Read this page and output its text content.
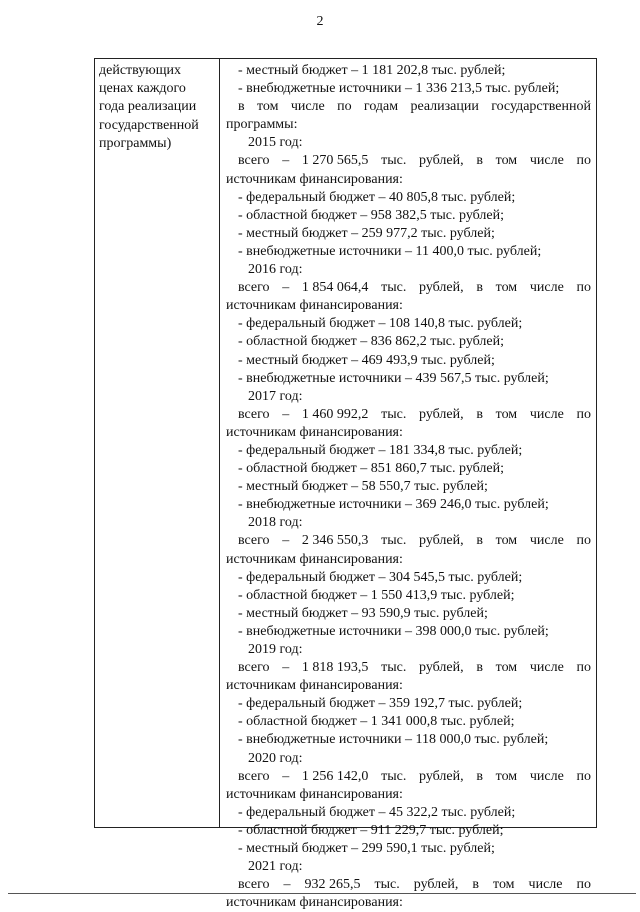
2
действующих
ценах каждого
года реализации
государственной
программы)
- местный бюджет – 1 181 202,8 тыс. рублей;
- внебюджетные источники – 1 336 213,5 тыс. рублей;
в том числе по годам реализации государственной
программы:
2015 год:
всего – 1 270 565,5 тыс. рублей, в том числе по
источникам финансирования:
- федеральный бюджет – 40 805,8 тыс. рублей;
- областной бюджет – 958 382,5 тыс. рублей;
- местный бюджет – 259 977,2 тыс. рублей;
- внебюджетные источники – 11 400,0 тыс. рублей;
2016 год:
всего – 1 854 064,4 тыс. рублей, в том числе по
источникам финансирования:
- федеральный бюджет – 108 140,8 тыс. рублей;
- областной бюджет – 836 862,2 тыс. рублей;
- местный бюджет – 469 493,9 тыс. рублей;
- внебюджетные источники – 439 567,5 тыс. рублей;
2017 год:
всего – 1 460 992,2 тыс. рублей, в том числе по
источникам финансирования:
- федеральный бюджет – 181 334,8 тыс. рублей;
- областной бюджет – 851 860,7 тыс. рублей;
- местный бюджет – 58 550,7 тыс. рублей;
- внебюджетные источники – 369 246,0 тыс. рублей;
2018 год:
всего – 2 346 550,3 тыс. рублей, в том числе по
источникам финансирования:
- федеральный бюджет – 304 545,5 тыс. рублей;
- областной бюджет – 1 550 413,9 тыс. рублей;
- местный бюджет – 93 590,9 тыс. рублей;
- внебюджетные источники – 398 000,0 тыс. рублей;
2019 год:
всего – 1 818 193,5 тыс. рублей, в том числе по
источникам финансирования:
- федеральный бюджет – 359 192,7 тыс. рублей;
- областной бюджет – 1 341 000,8 тыс. рублей;
- внебюджетные источники – 118 000,0 тыс. рублей;
2020 год:
всего – 1 256 142,0 тыс. рублей, в том числе по
источникам финансирования:
- федеральный бюджет – 45 322,2 тыс. рублей;
- областной бюджет – 911 229,7 тыс. рублей;
- местный бюджет – 299 590,1 тыс. рублей;
2021 год:
всего – 932 265,5 тыс. рублей, в том числе по
источникам финансирования:
